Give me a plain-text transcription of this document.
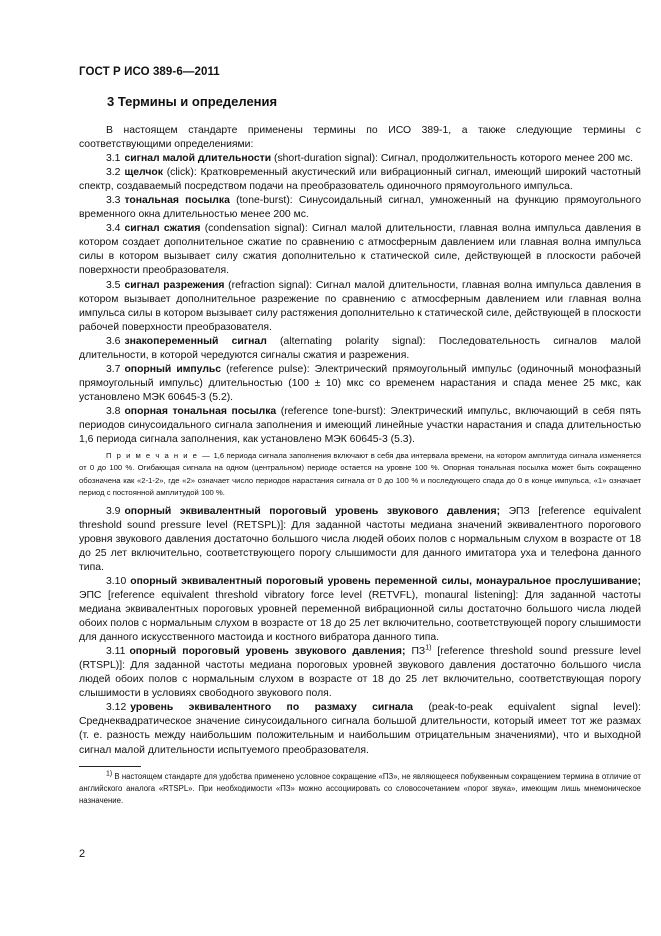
ГОСТ Р ИСО 389-6—2011
3 Термины и определения

В настоящем стандарте применены термины по ИСО 389-1, а также следующие термины с соответствующими определениями:

3.1 сигнал малой длительности (short-duration signal): Сигнал, продолжительность которого менее 200 мс.

3.2 щелчок (click): Кратковременный акустический или вибрационный сигнал, имеющий широкий частотный спектр, создаваемый посредством подачи на преобразователь одиночного прямоугольного импульса.

3.3 тональная посылка (tone-burst): Синусоидальный сигнал, умноженный на функцию прямоугольного временного окна длительностью менее 200 мс.

3.4 сигнал сжатия (condensation signal): Сигнал малой длительности, главная волна импульса давления в котором создает дополнительное сжатие по сравнению с атмосферным давлением или главная волна импульса силы в котором вызывает силу сжатия дополнительно к статической силе, действующей в плоскости рабочей поверхности преобразователя.

3.5 сигнал разрежения (refraction signal): Сигнал малой длительности, главная волна импульса давления в котором вызывает дополнительное разрежение по сравнению с атмосферным давлением или главная волна импульса силы в котором вызывает силу растяжения дополнительно к статической силе, действующей в плоскости рабочей поверхности преобразователя.

3.6 знакопеременный сигнал (alternating polarity signal): Последовательность сигналов малой длительности, в которой чередуются сигналы сжатия и разрежения.

3.7 опорный импульс (reference pulse): Электрический прямоугольный импульс (одиночный монофазный прямоугольный импульс) длительностью (100 ± 10) мкс со временем нарастания и спада менее 25 мкс, как установлено МЭК 60645-3 (5.2).

3.8 опорная тональная посылка (reference tone-burst): Электрический импульс, включающий в себя пять периодов синусоидального сигнала заполнения и имеющий линейные участки нарастания и спада длительностью 1,6 периода сигнала заполнения, как установлено МЭК 60645-3 (5.3).

П р и м е ч а н и е — 1,6 периода сигнала заполнения включают в себя два интервала времени, на котором амплитуда сигнала изменяется от 0 до 100 %. Огибающая сигнала на одном (центральном) периоде остается на уровне 100 %. Опорная тональная посылка может быть сокращенно обозначена как «2-1-2», где «2» означает число периодов нарастания сигнала от 0 до 100 % и последующего спада до 0 в конце импульса, «1» означает период с постоянной амплитудой 100 %.

3.9 опорный эквивалентный пороговый уровень звукового давления; ЭПЗ [reference equivalent threshold sound pressure level (RETSPL)]: Для заданной частоты медиана значений эквивалентного порогового уровня звукового давления достаточно большого числа людей обоих полов с нормальным слухом в возрасте от 18 до 25 лет включительно, соответствующего порогу слышимости для данного имитатора уха и телефона данного типа.

3.10 опорный эквивалентный пороговый уровень переменной силы, монауральное прослушивание; ЭПС [reference equivalent threshold vibratory force level (RETVFL), monaural listening]: Для заданной частоты медиана эквивалентных пороговых уровней переменной вибрационной силы достаточно большого числа людей обоих полов с нормальным слухом в возрасте от 18 до 25 лет включительно, соответствующей порогу слышимости для данного искусственного мастоида и костного вибратора данного типа.

3.11 опорный пороговый уровень звукового давления; ПЗ$^{1)}$ [reference threshold sound pressure level (RTSPL)]: Для заданной частоты медиана пороговых уровней звукового давления достаточно большого числа людей обоих полов с нормальным слухом в возрасте от 18 до 25 лет включительно, соответствующая порогу слышимости в условиях свободного звукового поля.

3.12 уровень эквивалентного по размаху сигнала (peak-to-peak equivalent signal level): Среднеквадратическое значение синусоидального сигнала большой длительности, который имеет тот же размах (т. е. разность между наибольшим положительным и наибольшим отрицательным значениями), что и выходной сигнал малой длительности испытуемого преобразователя.

$^{1)}$ В настоящем стандарте для удобства применено условное сокращение «ПЗ», не являющееся побуквенным сокращением термина в отличие от английского аналога «RTSPL». При необходимости «ПЗ» можно ассоциировать со словосочетанием «порог звука», имеющим лишь мнемоническое назначение.

2
